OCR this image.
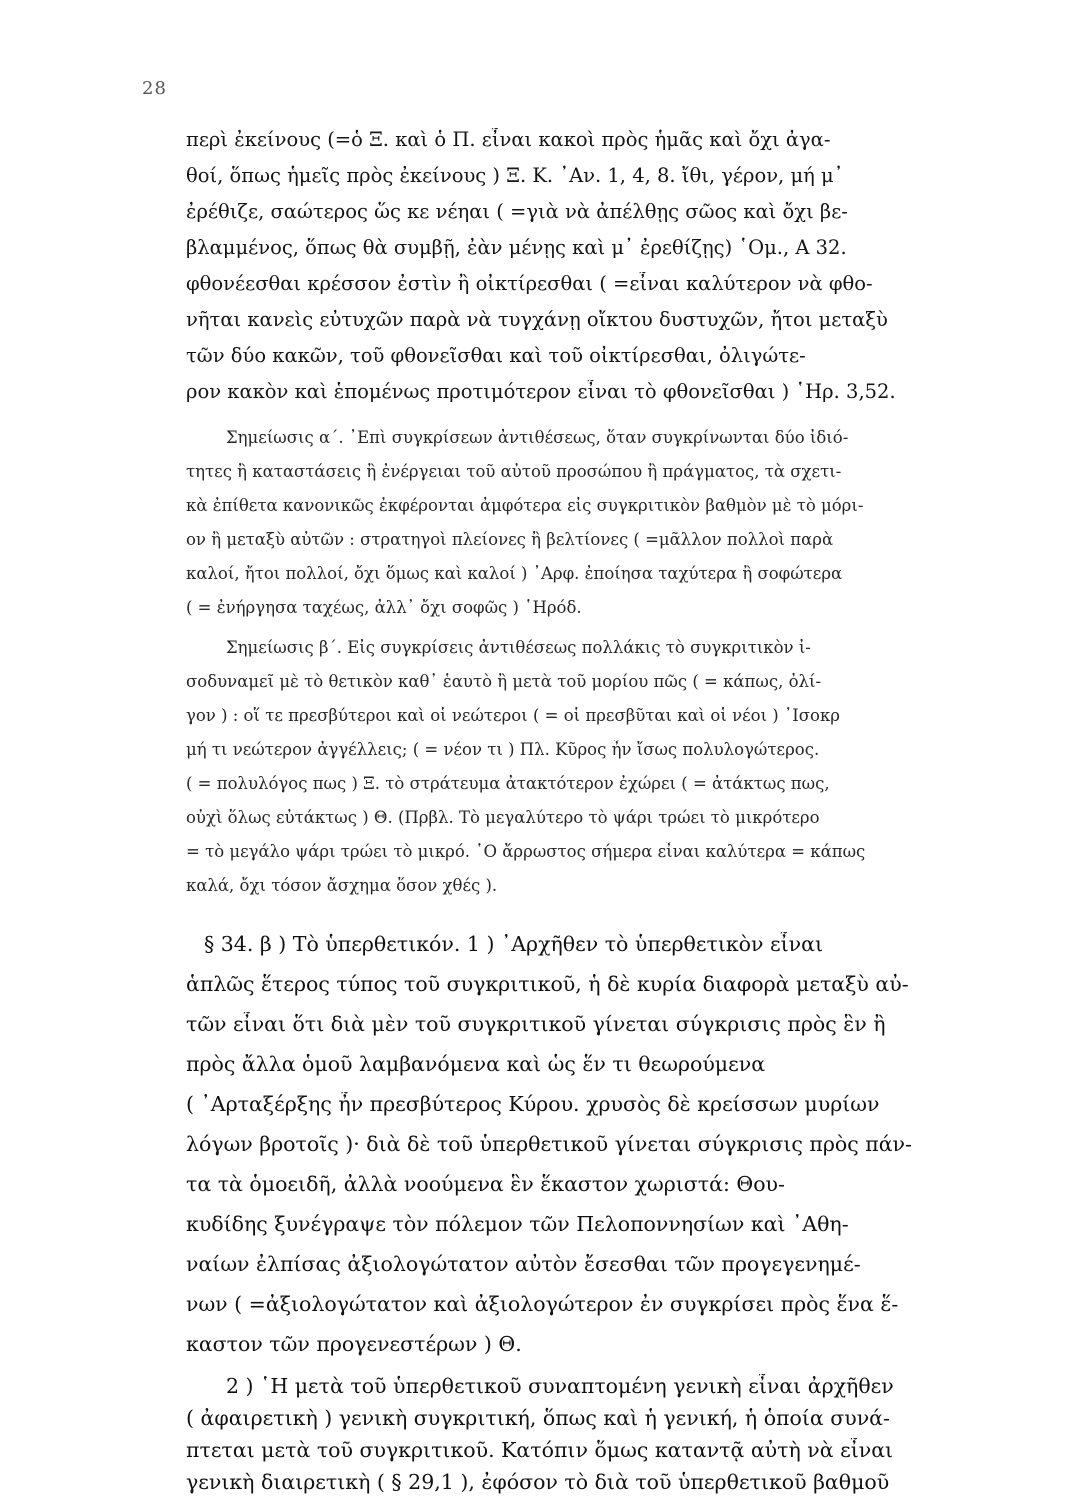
28
περὶ ἐκείνους (=ὁ Ξ. καὶ ὁ Π. εἶναι κακοὶ πρὸς ἡμᾶς καὶ ὄχι ἀγα-
θοί, ὅπως ἡμεῖς πρὸς ἐκείνους ) Ξ. Κ. ᾿Αν. 1, 4, 8. ἴθι, γέρον, μή μ᾽
ἐρέθιζε, σαώτερος ὥς κε νέηαι ( =γιὰ νὰ ἀπέλθῃς σῶος καὶ ὄχι βε-
βλαμμένος, ὅπως θὰ συμβῇ, ἐὰν μένῃς καὶ μ᾽ ἐρεθίζῃς) ῾Ομ., Α 32.
φθονέεσθαι κρέσσον ἐστὶν ἢ οἰκτίρεσθαι ( =εἶναι καλύτερον νὰ φθο-
νῆται κανεὶς εὐτυχῶν παρὰ νὰ τυγχάνῃ οἴκτου δυστυχῶν, ἤτοι μεταξὺ
τῶν δύο κακῶν, τοῦ φθονεῖσθαι καὶ τοῦ οἰκτίρεσθαι, ὀλιγώτε-
ρον κακὸν καὶ ἑπομένως προτιμότερον εἶναι τὸ φθονεῖσθαι ) ῾Ηρ. 3,52.
Σημείωσις α΄. ᾿Επὶ συγκρίσεων ἀντιθέσεως, ὅταν συγκρίνωνται δύο ἰδιό-
τητες ἢ καταστάσεις ἢ ἐνέργειαι τοῦ αὐτοῦ προσώπου ἢ πράγματος, τὰ σχετι-
κὰ ἐπίθετα κανονικῶς ἐκφέρονται ἀμφότερα εἰς συγκριτικὸν βαθμὸν μὲ τὸ μόρι-
ον ἢ μεταξὺ αὐτῶν : στρατηγοὶ πλείονες ἢ βελτίονες ( =μᾶλλον πολλοὶ παρὰ
καλοί, ἤτοι πολλοί, ὄχι ὅμως καὶ καλοί ) ᾿Αρφ. ἐποίησα ταχύτερα ἢ σοφώτερα
( = ἐνήργησα ταχέως, ἀλλ᾽ ὄχι σοφῶς ) ῾Ηρόδ.
Σημείωσις β΄. Εἰς συγκρίσεις ἀντιθέσεως πολλάκις τὸ συγκριτικὸν ἰ-
σοδυναμεῖ μὲ τὸ θετικὸν καθ᾽ ἑαυτὸ ἢ μετὰ τοῦ μορίου πῶς ( = κάπως, ὀλί-
γον ) : οἵ τε πρεσβύτεροι καὶ οἱ νεώτεροι ( = οἱ πρεσβῦται καὶ οἱ νέοι ) ᾿Ισοκρ
μή τι νεώτερον ἀγγέλλεις; ( = νέον τι ) Πλ. Κῦρος ἦν ἴσως πολυλογώτερος.
( = πολυλόγος πως ) Ξ. τὸ στράτευμα ἀτακτότερον ἐχώρει ( = ἀτάκτως πως,
οὐχὶ ὅλως εὐτάκτως ) Θ. (Πρβλ. Τὸ μεγαλύτερο τὸ ψάρι τρώει τὸ μικρότερο
= τὸ μεγάλο ψάρι τρώει τὸ μικρό. ῾Ο ἄρρωστος σήμερα εἶναι καλύτερα = κάπως
καλά, ὄχι τόσον ἄσχημα ὅσον χθές ).
§ 34. β ) Τὸ ὑπερθετικόν. 1 ) ᾿Αρχῆθεν τὸ ὑπερθετικὸν εἶναι
ἁπλῶς ἕτερος τύπος τοῦ συγκριτικοῦ, ἡ δὲ κυρία διαφορὰ μεταξὺ αὐ-
τῶν εἶναι ὅτι διὰ μὲν τοῦ συγκριτικοῦ γίνεται σύγκρισις πρὸς ἓν ἢ
πρὸς ἄλλα ὁμοῦ λαμβανόμενα καὶ ὡς ἕν τι θεωρούμενα
( ᾿Αρταξέρξης ἦν πρεσβύτερος Κύρου. χρυσὸς δὲ κρείσσων μυρίων
λόγων βροτοῖς )· διὰ δὲ τοῦ ὑπερθετικοῦ γίνεται σύγκρισις πρὸς πάν-
τα τὰ ὁμοειδῆ, ἀλλὰ νοούμενα ἓν ἕκαστον χωριστά: Θου-
κυδίδης ξυνέγραψε τὸν πόλεμον τῶν Πελοποννησίων καὶ ᾿Αθη-
ναίων ἐλπίσας ἀξιολογώτατον αὐτὸν ἔσεσθαι τῶν προγεγενημέ-
νων ( =ἀξιολογώτατον καὶ ἀξιολογώτερον ἐν συγκρίσει πρὸς ἕνα ἕ-
καστον τῶν προγενεστέρων ) Θ.
2 ) ῾Η μετὰ τοῦ ὑπερθετικοῦ συναπτομένη γενικὴ εἶναι ἀρχῆθεν
( ἀφαιρετικὴ ) γενικὴ συγκριτική, ὅπως καὶ ἡ γενική, ἡ ὁποία συνά-
πτεται μετὰ τοῦ συγκριτικοῦ. Κατόπιν ὅμως καταντᾷ αὐτὴ νὰ εἶναι
γενικὴ διαιρετικὴ ( § 29,1 ), ἐφόσον τὸ διὰ τοῦ ὑπερθετικοῦ βαθμοῦ
